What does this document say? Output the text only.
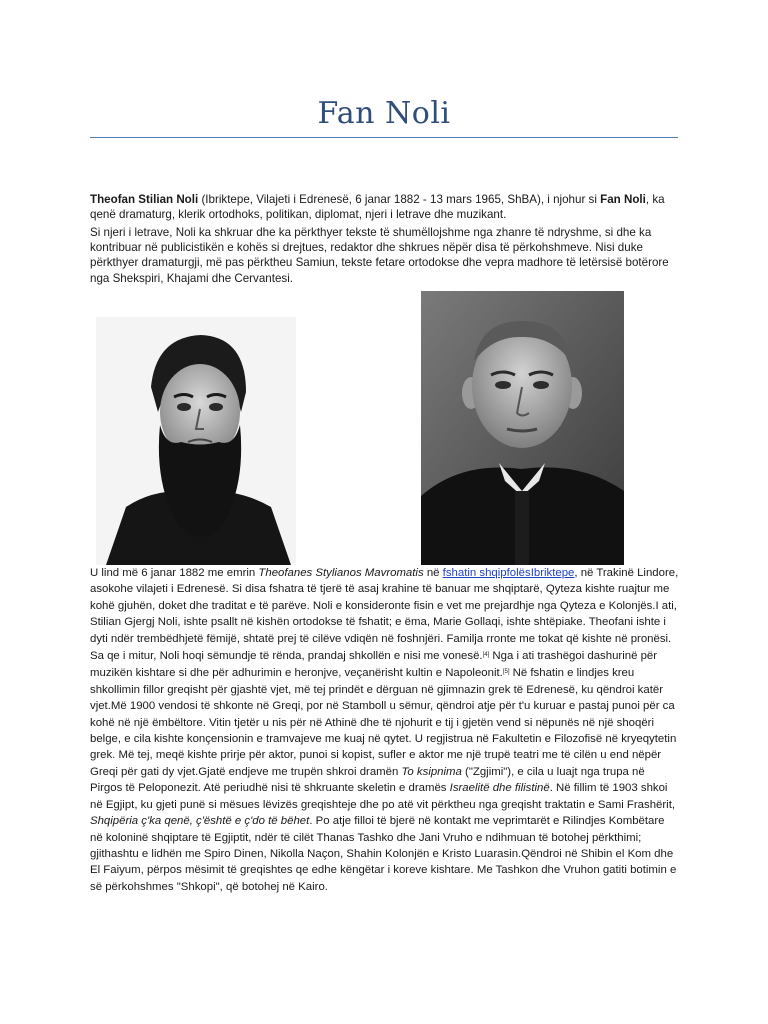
Fan Noli

Theofan Stilian Noli (Ibriktepe, Vilajeti i Edrenesë, 6 janar 1882 - 13 mars 1965, ShBA), i njohur si Fan Noli, ka qenë dramaturg, klerik ortodhoks, politikan, diplomat, njeri i letrave dhe muzikant.

Si njeri i letrave, Noli ka shkruar dhe ka përkthyer tekste të shumëllojshme nga zhanre të ndryshme, si dhe ka kontribuar në publicistikën e kohës si drejtues, redaktor dhe shkrues nëpër disa të përkohshmeve. Nisi duke përkthyer dramaturgji, më pas përktheu Samiun, tekste fetare ortodokse dhe vepra madhore të letërsisë botërore nga Shekspiri, Khajami dhe Cervantesi.

U lind më 6 janar 1882 me emrin Theofanes Stylianos Mavromatis në fshatin shqipfolësIbriktepe, në Trakinë Lindore, asokohe vilajeti i Edrenesë. Si disa fshatra të tjerë të asaj krahine të banuar me shqiptarë, Qyteza kishte ruajtur me kohë gjuhën, doket dhe traditat e të parëve. Noli e konsideronte fisin e vet me prejardhje nga Qyteza e Kolonjës.I ati, Stilian Gjergj Noli, ishte psallt në kishën ortodokse të fshatit; e ëma, Marie Gollaqi, ishte shtëpiake. Theofani ishte i dyti ndër trembëdhjetë fëmijë, shtatë prej të cilëve vdiqën në foshnjëri. Familja rronte me tokat që kishte në pronësi. Sa qe i mitur, Noli hoqi sëmundje të rënda, prandaj shkollën e nisi me vonesë.[4] Nga i ati trashëgoi dashurinë për muzikën kishtare si dhe për adhurimin e heronjve, veçanërisht kultin e Napoleonit.[5] Në fshatin e lindjes kreu shkollimin fillor greqisht për gjashtë vjet, më tej prindët e dërguan në gjimnazin grek të Edrenesë, ku qëndroi katër vjet.Më 1900 vendosi të shkonte në Greqi, por në Stamboll u sëmur, qëndroi atje për t'u kuruar e pastaj punoi për ca kohë në një ëmbëltore. Vitin tjetër u nis për në Athinë dhe të njohurit e tij i gjetën vend si nëpunës në një shoqëri belge, e cila kishte konçensionin e tramvajeve me kuaj në qytet. U regjistrua në Fakultetin e Filozofisë në kryeqytetin grek. Më tej, meqë kishte prirje për aktor, punoi si kopist, sufler e aktor me një trupë teatri me të cilën u end nëpër Greqi për gati dy vjet.Gjatë endjeve me trupën shkroi dramën To ksipnima ("Zgjimi"), e cila u luajt nga trupa në Pirgos të Peloponezit. Atë periudhë nisi të shkruante skeletin e dramës Israelitë dhe filistinë. Në fillim të 1903 shkoi në Egjipt, ku gjeti punë si mësues lëvizës greqishteje dhe po atë vit përktheu nga greqisht traktatin e Sami Frashërit, Shqipëria ç'ka qenë, ç'është e ç'do të bëhet. Po atje filloi të bjerë në kontakt me veprimtarët e Rilindjes Kombëtare në koloninë shqiptare të Egjiptit, ndër të cilët Thanas Tashko dhe Jani Vruho e ndihmuan të botohej përkthimi; gjithashtu e lidhën me Spiro Dinen, Nikolla Naçon, Shahin Kolonjën e Kristo Luarasin.Qëndroi në Shibin el Kom dhe El Faiyum, përpos mësimit të greqishtes qe edhe këngëtar i koreve kishtare. Me Tashkon dhe Vruhon gatiti botimin e së përkohshmes "Shkopi", që botohej në Kairo.
